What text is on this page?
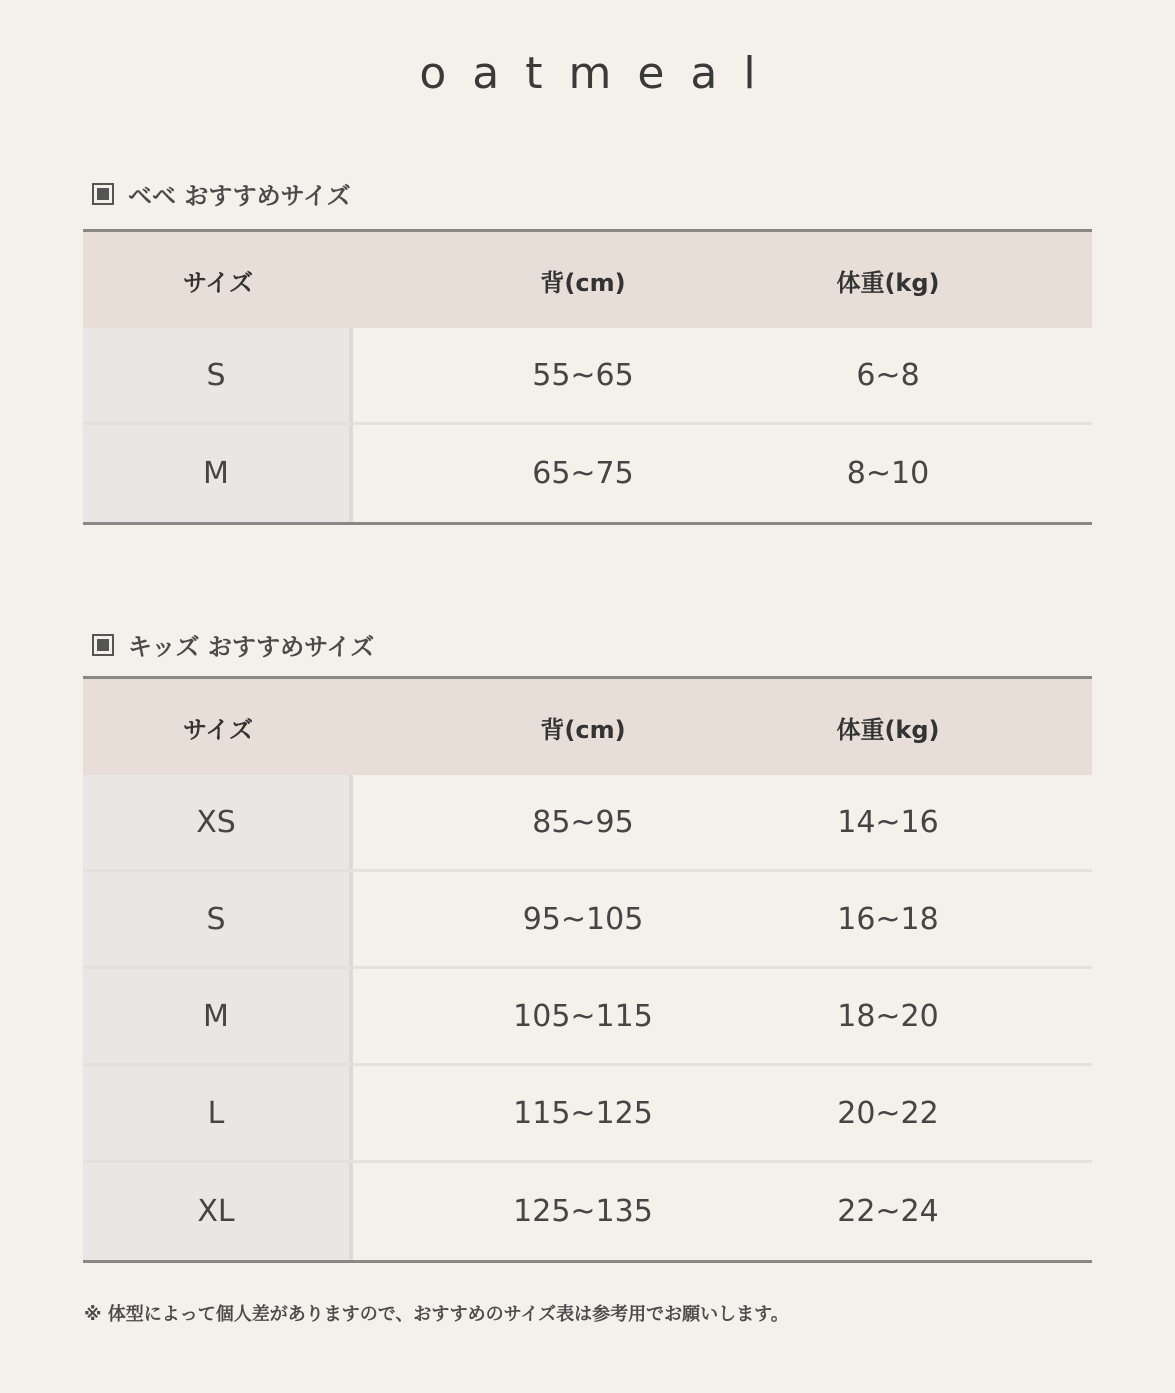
oatmeal
ベベ おすすめサイズ
サイズ	背(cm)	体重(kg)
S	55~65	6~8
M	65~75	8~10
キッズ おすすめサイズ
サイズ	背(cm)	体重(kg)
XS	85~95	14~16
S	95~105	16~18
M	105~115	18~20
L	115~125	20~22
XL	125~135	22~24
※ 体型によって個人差がありますので、おすすめのサイズ表は参考用でお願いします。
